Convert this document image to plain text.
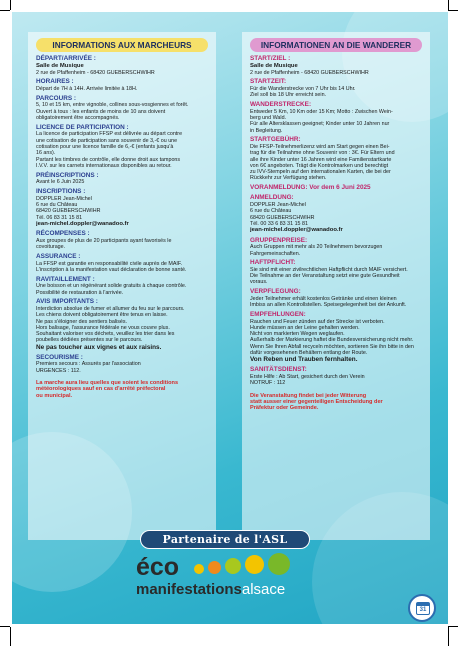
INFORMATIONS AUX MARCHEURS
DÉPART/ARRIVÉE :
Salle de Musique
2 rue de Pfaffenheim - 68420 GUEBERSCHWIHR
HORAIRES :
Départ de 7H à 14H. Arrivée limitée à 18H.
PARCOURS :
5, 10 et 15 km, entre vignoble, collines sous-vosgiennes et forêt.
Ouvert à tous : les enfants de moins de 10 ans doivent
obligatoirement être accompagnés.
LICENCE DE PARTICIPATION :
La licence de participation FFSP est délivrée au départ contre
une cotisation de participation sans souvenir de 3,-€ ou une
cotisation pour une licence famille de 6,-€ (enfants jusqu'à
16 ans).
Partant les timbres de contrôle, elle donne droit aux tampons
I.V.V. sur les carnets internationaux disponibles au retour.
PRÉINSCRIPTIONS :
Avant le 6 Juin 2025
INSCRIPTIONS :
DOPPLER Jean-Michel
6 rue du Château
68420 GUEBERSCHWIHR
Tél. 06 83 31 15 81
jean-michel.doppler@wanadoo.fr
RÉCOMPENSES :
Aux groupes de plus de 20 participants ayant favorisés le
covoiturage.
ASSURANCE :
La FFSP est garantie en responsabilité civile auprès de MAIF.
L'inscription à la manifestation vaut déclaration de bonne santé.
RAVITAILLEMENT :
Une boisson et un régénérant solide gratuits à chaque contrôle.
Possibilité de restauration à l'arrivée.
AVIS IMPORTANTS :
Interdiction absolue de fumer et allumer du feu sur le parcours.
Les chiens doivent obligatoirement être tenus en laisse.
Ne pas s'éloigner des sentiers balisés.
Hors balisage, l'assurance fédérale ne vous couvre plus.
Souhaitant valoriser vos déchets, veuillez les trier dans les
poubelles dédiées présentes sur le parcours.
Ne pas toucher aux vignes et aux raisins.
SECOURISME :
Premiers secours : Assurés par l'association
URGENCES : 112.
La marche aura lieu quelles que soient les conditions
météorologiques sauf en cas d'arrêté préfectoral
ou municipal.
INFORMATIONEN AN DIE WANDERER
START/ZIEL :
Salle de Musique
2 rue de Pfaffenheim - 68420 GUEBERSCHWIHR
STARTZEIT:
Für die Wanderstrecke von 7 Uhr bis 14 Uhr.
Ziel soll bis 18 Uhr erreicht sein.
WANDERSTRECKE:
Entweder 5 Km, 10 Km oder 15 Km; Motto : Zwischen Wein-
berg und Wald.
Für alle Altersklassen geeignet; Kinder unter 10 Jahren nur
in Begleitung.
STARTGEBÜHR:
Die FFSP-Teilnehmerlizenz wird am Start gegen einen Bei-
trag für die Teilnahme ohne Souvenir von : 3€. Für Eltern und
alle ihre Kinder unter 16 Jahren wird eine Familienstartkarte
von 6€ angeboten. Trägt die Kontrolmarken und berechtigt
zu IVV-Stempeln auf den internationalen Karten, die bei der
Rückkehr zur Verfügung stehen.
VORANMELDUNG: Vor dem 6 Juni 2025
ANMELDUNG:
DOPPLER Jean-Michel
6 rue du Château
68420 GUEBERSCHWIHR
Tél. 00 33 6 83 31 15 81
jean-michel.doppler@wanadoo.fr
GRUPPENPREISE:
Auch Gruppen mit mehr als 20 Teilnehmern bevorzugen
Fahrgemeinschaften.
HAFTPFLICHT:
Sie sind mit einer zivilrechtlichen Haftpflicht durch MAIF versichert.
Die Teilnahme an der Veranstaltung setzt eine gute Gesundheit
voraus.
VERPFLEGUNG:
Jeder Teilnehmer erhält kostenlos Getränke und einen kleinen
Imbiss an allen Kontrollstellen. Speisegelegenheit bei der Ankunft.
EMPFEHLUNGEN:
Rauchen und Feuer zünden auf der Strecke ist verboten.
Hunde müssen an der Leine gehalten werden.
Nicht von markierten Wegen weglaufen.
Außerhalb der Markierung haftet die Bundesversicherung nicht mehr.
Wenn Sie Ihren Abfall recyceln möchten, sortieren Sie ihn bitte in den
dafür vorgesehenen Behältern entlang der Route.
Von Reben und Trauben fernhalten.
SANITÄTSDIENST:
Erste Hilfe : Ab Start, gesichert durch den Verein
NOTRUF : 112
Die Veranstaltung findet bei jeder Witterung
statt ausser einer gegenteiligen Entscheidung der
Präfektur oder Gemeinde.
Partenaire de l'ASL
éco
manifestationsalsace
31
